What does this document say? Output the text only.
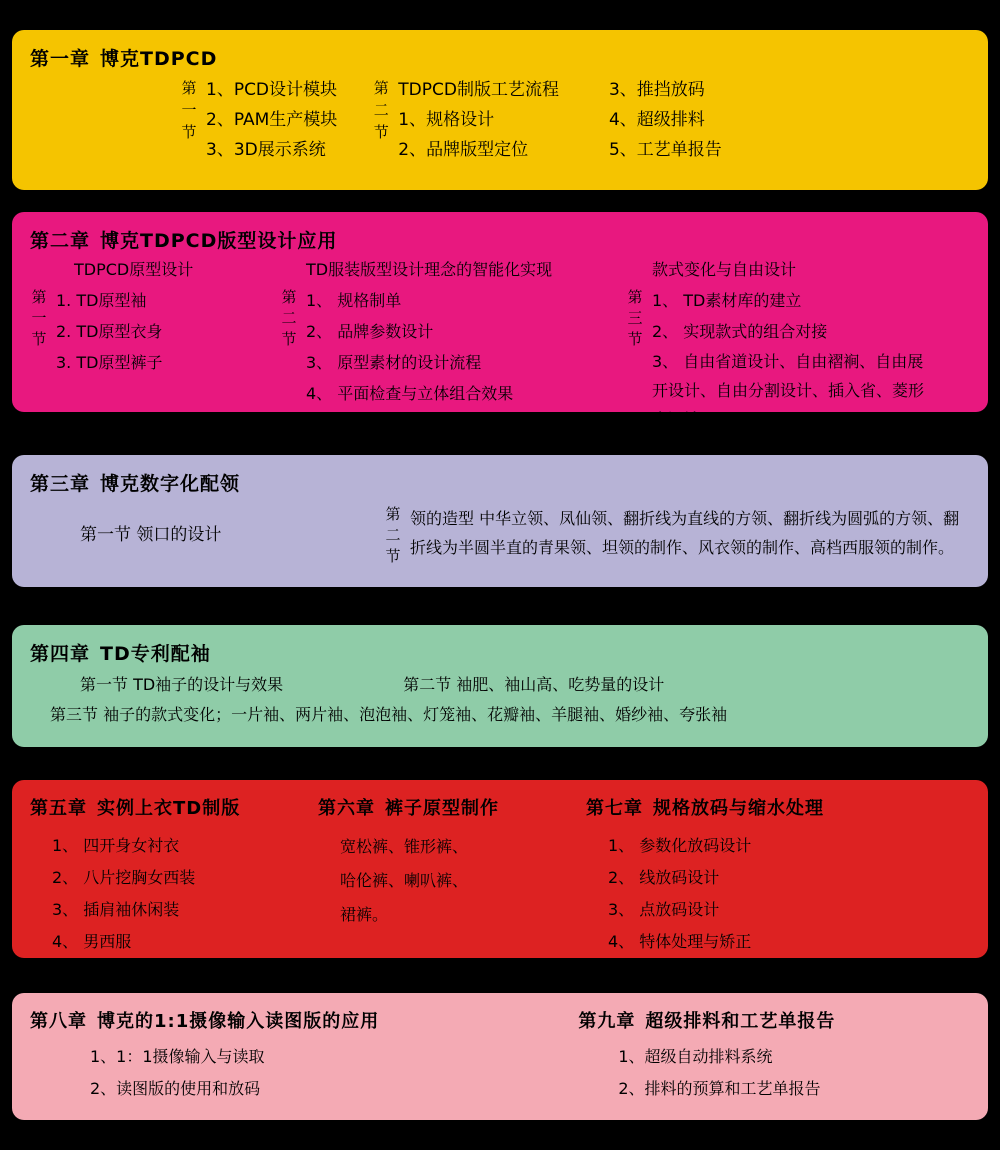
第一章 博克TDPCD
第
一
节
1、PCD设计模块
2、PAM生产模块
3、3D展示系统
第
二
节
TDPCD制版工艺流程
1、规格设计
2、品牌版型定位
3、推挡放码
4、超级排料
5、工艺单报告
第二章 博克TDPCD版型设计应用
TDPCD原型设计
第
一
节
1. TD原型袖
2. TD原型衣身
3. TD原型裤子
TD服装版型设计理念的智能化实现
第
二
节
1、 规格制单
2、 品牌参数设计
3、 原型素材的设计流程
4、 平面检查与立体组合效果
款式变化与自由设计
第
三
节
1、 TD素材库的建立
2、 实现款式的组合对接
3、 自由省道设计、自由褶裥、自由展开设计、自由分割设计、插入省、菱形省设计。
第三章 博克数字化配领
第一节 领口的设计
第
二
节
领的造型 中华立领、凤仙领、翻折线为直线的方领、翻折线为圆弧的方领、翻折线为半圆半直的青果领、坦领的制作、风衣领的制作、高档西服领的制作。
第四章 TD专利配袖
第一节 TD袖子的设计与效果	第二节 袖肥、袖山高、吃势量的设计
第三节 袖子的款式变化；一片袖、两片袖、泡泡袖、灯笼袖、花瓣袖、羊腿袖、婚纱袖、夸张袖
第五章 实例上衣TD制版
1、 四开身女衬衣
2、 八片挖胸女西装
3、 插肩袖休闲装
4、 男西服
第六章 裤子原型制作
宽松裤、锥形裤、
哈伦裤、喇叭裤、
裙裤。
第七章 规格放码与缩水处理
1、 参数化放码设计
2、 线放码设计
3、 点放码设计
4、 特体处理与矫正
第八章 博克的1:1摄像输入读图版的应用
1、1：1摄像输入与读取
2、读图版的使用和放码
第九章 超级排料和工艺单报告
1、超级自动排料系统
2、排料的预算和工艺单报告
